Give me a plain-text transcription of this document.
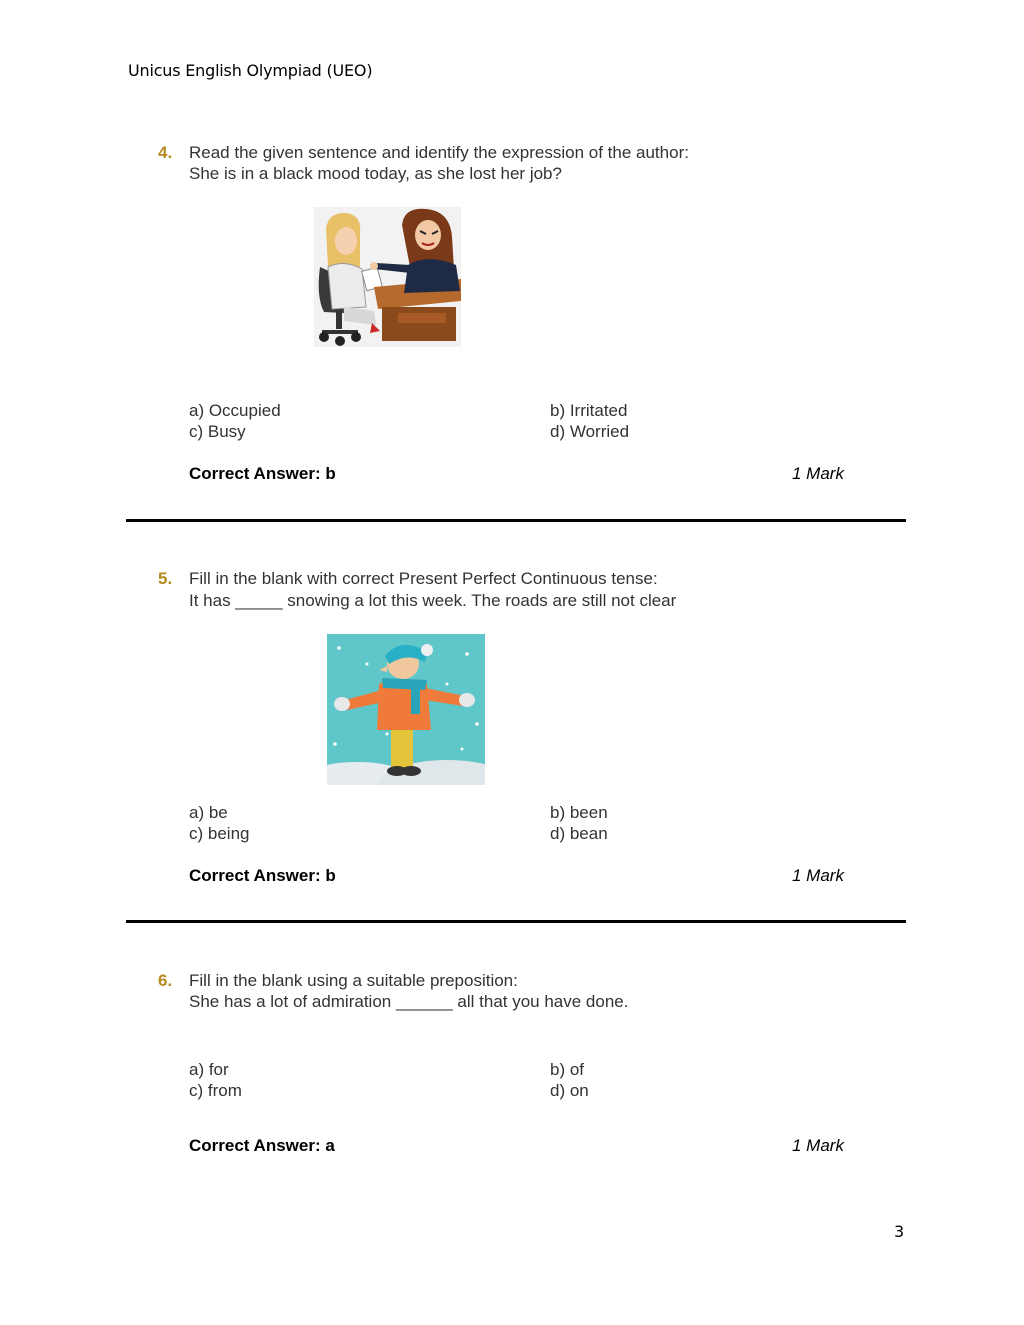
Unicus English Olympiad (UEO)
4. Read the given sentence and identify the expression of the author:
She is in a black mood today, as she lost her job?
a) Occupied	b) Irritated
c) Busy	d) Worried
Correct Answer: b	1 Mark
5. Fill in the blank with correct Present Perfect Continuous tense:
It has _____ snowing a lot this week. The roads are still not clear
a) be	b) been
c) being	d) bean
Correct Answer: b	1 Mark
6. Fill in the blank using a suitable preposition:
She has a lot of admiration ______ all that you have done.
a) for	b) of
c) from	d) on
Correct Answer: a	1 Mark
3
